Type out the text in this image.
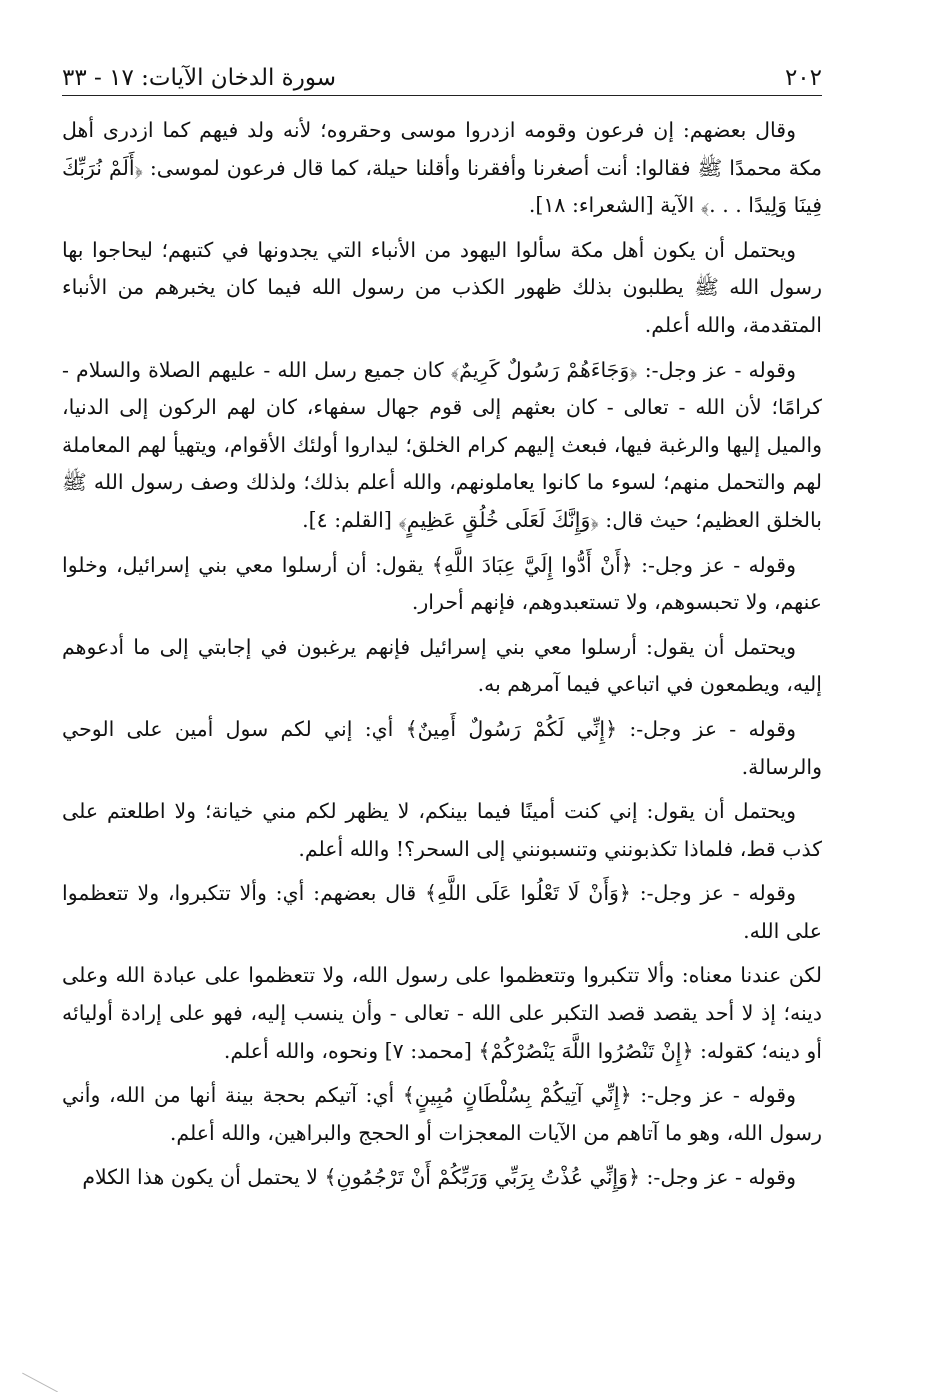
٢٠٢
سورة الدخان الآيات: ١٧ - ٣٣

وقال بعضهم: إن فرعون وقومه ازدروا موسى وحقروه؛ لأنه ولد فيهم كما ازدرى أهل مكة محمدًا ﷺ فقالوا: أنت أصغرنا وأفقرنا وأقلنا حيلة، كما قال فرعون لموسى: ﴿أَلَمْ نُرَبِّكَ فِينَا وَلِيدًا . . .﴾ الآية [الشعراء: ١٨].

ويحتمل أن يكون أهل مكة سألوا اليهود من الأنباء التي يجدونها في كتبهم؛ ليحاجوا بها رسول الله ﷺ يطلبون بذلك ظهور الكذب من رسول الله فيما كان يخبرهم من الأنباء المتقدمة، والله أعلم.

وقوله - عز وجل-: ﴿وَجَاءَهُمْ رَسُولٌ كَرِيمٌ﴾ كان جميع رسل الله - عليهم الصلاة والسلام - كرامًا؛ لأن الله - تعالى - كان بعثهم إلى قوم جهال سفهاء، كان لهم الركون إلى الدنيا، والميل إليها والرغبة فيها، فبعث إليهم كرام الخلق؛ ليداروا أولئك الأقوام، ويتهيأ لهم المعاملة لهم والتحمل منهم؛ لسوء ما كانوا يعاملونهم، والله أعلم بذلك؛ ولذلك وصف رسول الله ﷺ بالخلق العظيم؛ حيث قال: ﴿وَإِنَّكَ لَعَلَى خُلُقٍ عَظِيمٍ﴾ [القلم: ٤].

وقوله - عز وجل-: ﴿أَنْ أَدُّوا إِلَيَّ عِبَادَ اللَّهِ﴾ يقول: أن أرسلوا معي بني إسرائيل، وخلوا عنهم، ولا تحبسوهم، ولا تستعبدوهم، فإنهم أحرار.

ويحتمل أن يقول: أرسلوا معي بني إسرائيل فإنهم يرغبون في إجابتي إلى ما أدعوهم إليه، ويطمعون في اتباعي فيما آمرهم به.

وقوله - عز وجل-: ﴿إِنِّي لَكُمْ رَسُولٌ أَمِينٌ﴾ أي: إني لكم سول أمين على الوحي والرسالة.

ويحتمل أن يقول: إني كنت أمينًا فيما بينكم، لا يظهر لكم مني خيانة؛ ولا اطلعتم على كذب قط، فلماذا تكذبونني وتنسبونني إلى السحر؟! والله أعلم.

وقوله - عز وجل-: ﴿وَأَنْ لَا تَعْلُوا عَلَى اللَّهِ﴾ قال بعضهم: أي: وألا تتكبروا، ولا تتعظموا على الله.

لكن عندنا معناه: وألا تتكبروا وتتعظموا على رسول الله، ولا تتعظموا على عبادة الله وعلى دينه؛ إذ لا أحد يقصد قصد التكبر على الله - تعالى - وأن ينسب إليه، فهو على إرادة أوليائه أو دينه؛ كقوله: ﴿إِنْ تَنْصُرُوا اللَّهَ يَنْصُرْكُمْ﴾ [محمد: ٧] ونحوه، والله أعلم.

وقوله - عز وجل-: ﴿إِنِّي آتِيكُمْ بِسُلْطَانٍ مُبِينٍ﴾ أي: آتيكم بحجة بينة أنها من الله، وأني رسول الله، وهو ما آتاهم من الآيات المعجزات أو الحجج والبراهين، والله أعلم.

وقوله - عز وجل-: ﴿وَإِنِّي عُذْتُ بِرَبِّي وَرَبِّكُمْ أَنْ تَرْجُمُونِ﴾ لا يحتمل أن يكون هذا الكلام
